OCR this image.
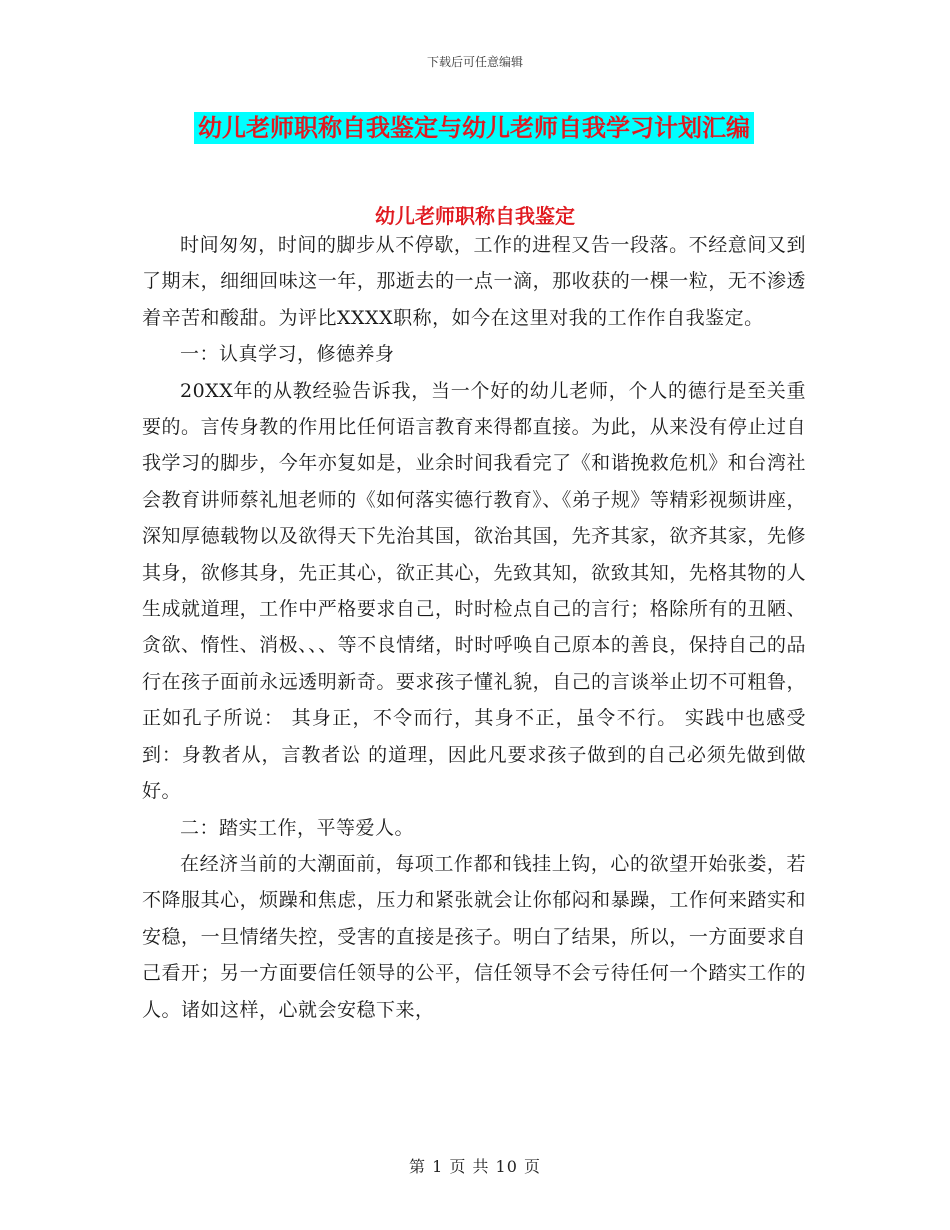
下载后可任意编辑
幼儿老师职称自我鉴定与幼儿老师自我学习计划汇编
幼儿老师职称自我鉴定

时间匆匆，时间的脚步从不停歇，工作的进程又告一段落。不经意间又到了期末，细细回味这一年，那逝去的一点一滴，那收获的一棵一粒，无不渗透着辛苦和酸甜。为评比XXXX职称，如今在这里对我的工作作自我鉴定。

一：认真学习，修德养身

20XX年的从教经验告诉我，当一个好的幼儿老师，个人的德行是至关重要的。言传身教的作用比任何语言教育来得都直接。为此，从来没有停止过自我学习的脚步，今年亦复如是，业余时间我看完了《和谐挽救危机》和台湾社会教育讲师蔡礼旭老师的《如何落实德行教育》、《弟子规》等精彩视频讲座，深知厚德载物以及欲得天下先治其国，欲治其国，先齐其家，欲齐其家，先修其身，欲修其身，先正其心，欲正其心，先致其知，欲致其知，先格其物的人生成就道理，工作中严格要求自己，时时检点自己的言行；格除所有的丑陋、贪欲、惰性、消极、、、等不良情绪，时时呼唤自己原本的善良，保持自己的品行在孩子面前永远透明新奇。要求孩子懂礼貌，自己的言谈举止切不可粗鲁，正如孔子所说： 其身正，不令而行，其身不正，虽令不行。 实践中也感受到：身教者从，言教者讼 的道理，因此凡要求孩子做到的自己必须先做到做好。

二：踏实工作，平等爱人。

在经济当前的大潮面前，每项工作都和钱挂上钩，心的欲望开始张娄，若不降服其心，烦躁和焦虑，压力和紧张就会让你郁闷和暴躁，工作何来踏实和安稳，一旦情绪失控，受害的直接是孩子。明白了结果，所以，一方面要求自己看开；另一方面要信任领导的公平，信任领导不会亏待任何一个踏实工作的人。诸如这样，心就会安稳下来，

第 1 页 共 10 页
